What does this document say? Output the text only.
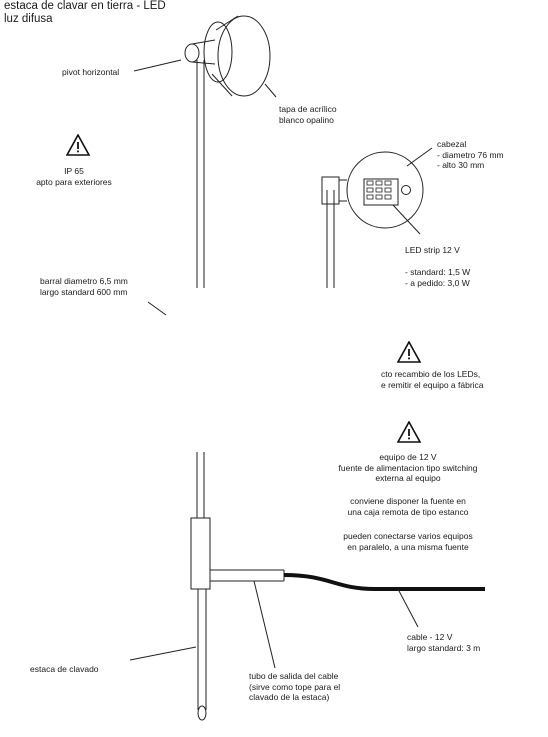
estaca de clavar en tierra - LED
luz difusa
pivot horizontal
tapa de acrílico
blanco opalino
IP 65
apto para exteriores
cabezal
- diametro 76 mm
- alto 30 mm
LED strip 12 V
- standard: 1,5 W
- a pedido: 3,0 W
barral diametro 6,5 mm
largo standard 600 mm
cto recambio de los LEDs,
e remitir el equipo a fábrica
equipo de 12 V
fuente de alimentacion tipo switching
externa al equipo
conviene disponer la fuente en
una caja remota de tipo estanco
pueden conectarse varios equipos
en paralelo, a una misma fuente
cable - 12 V
largo standard: 3 m
estaca de clavado
tubo de salida del cable
(sirve como tope para el
clavado de la estaca)
